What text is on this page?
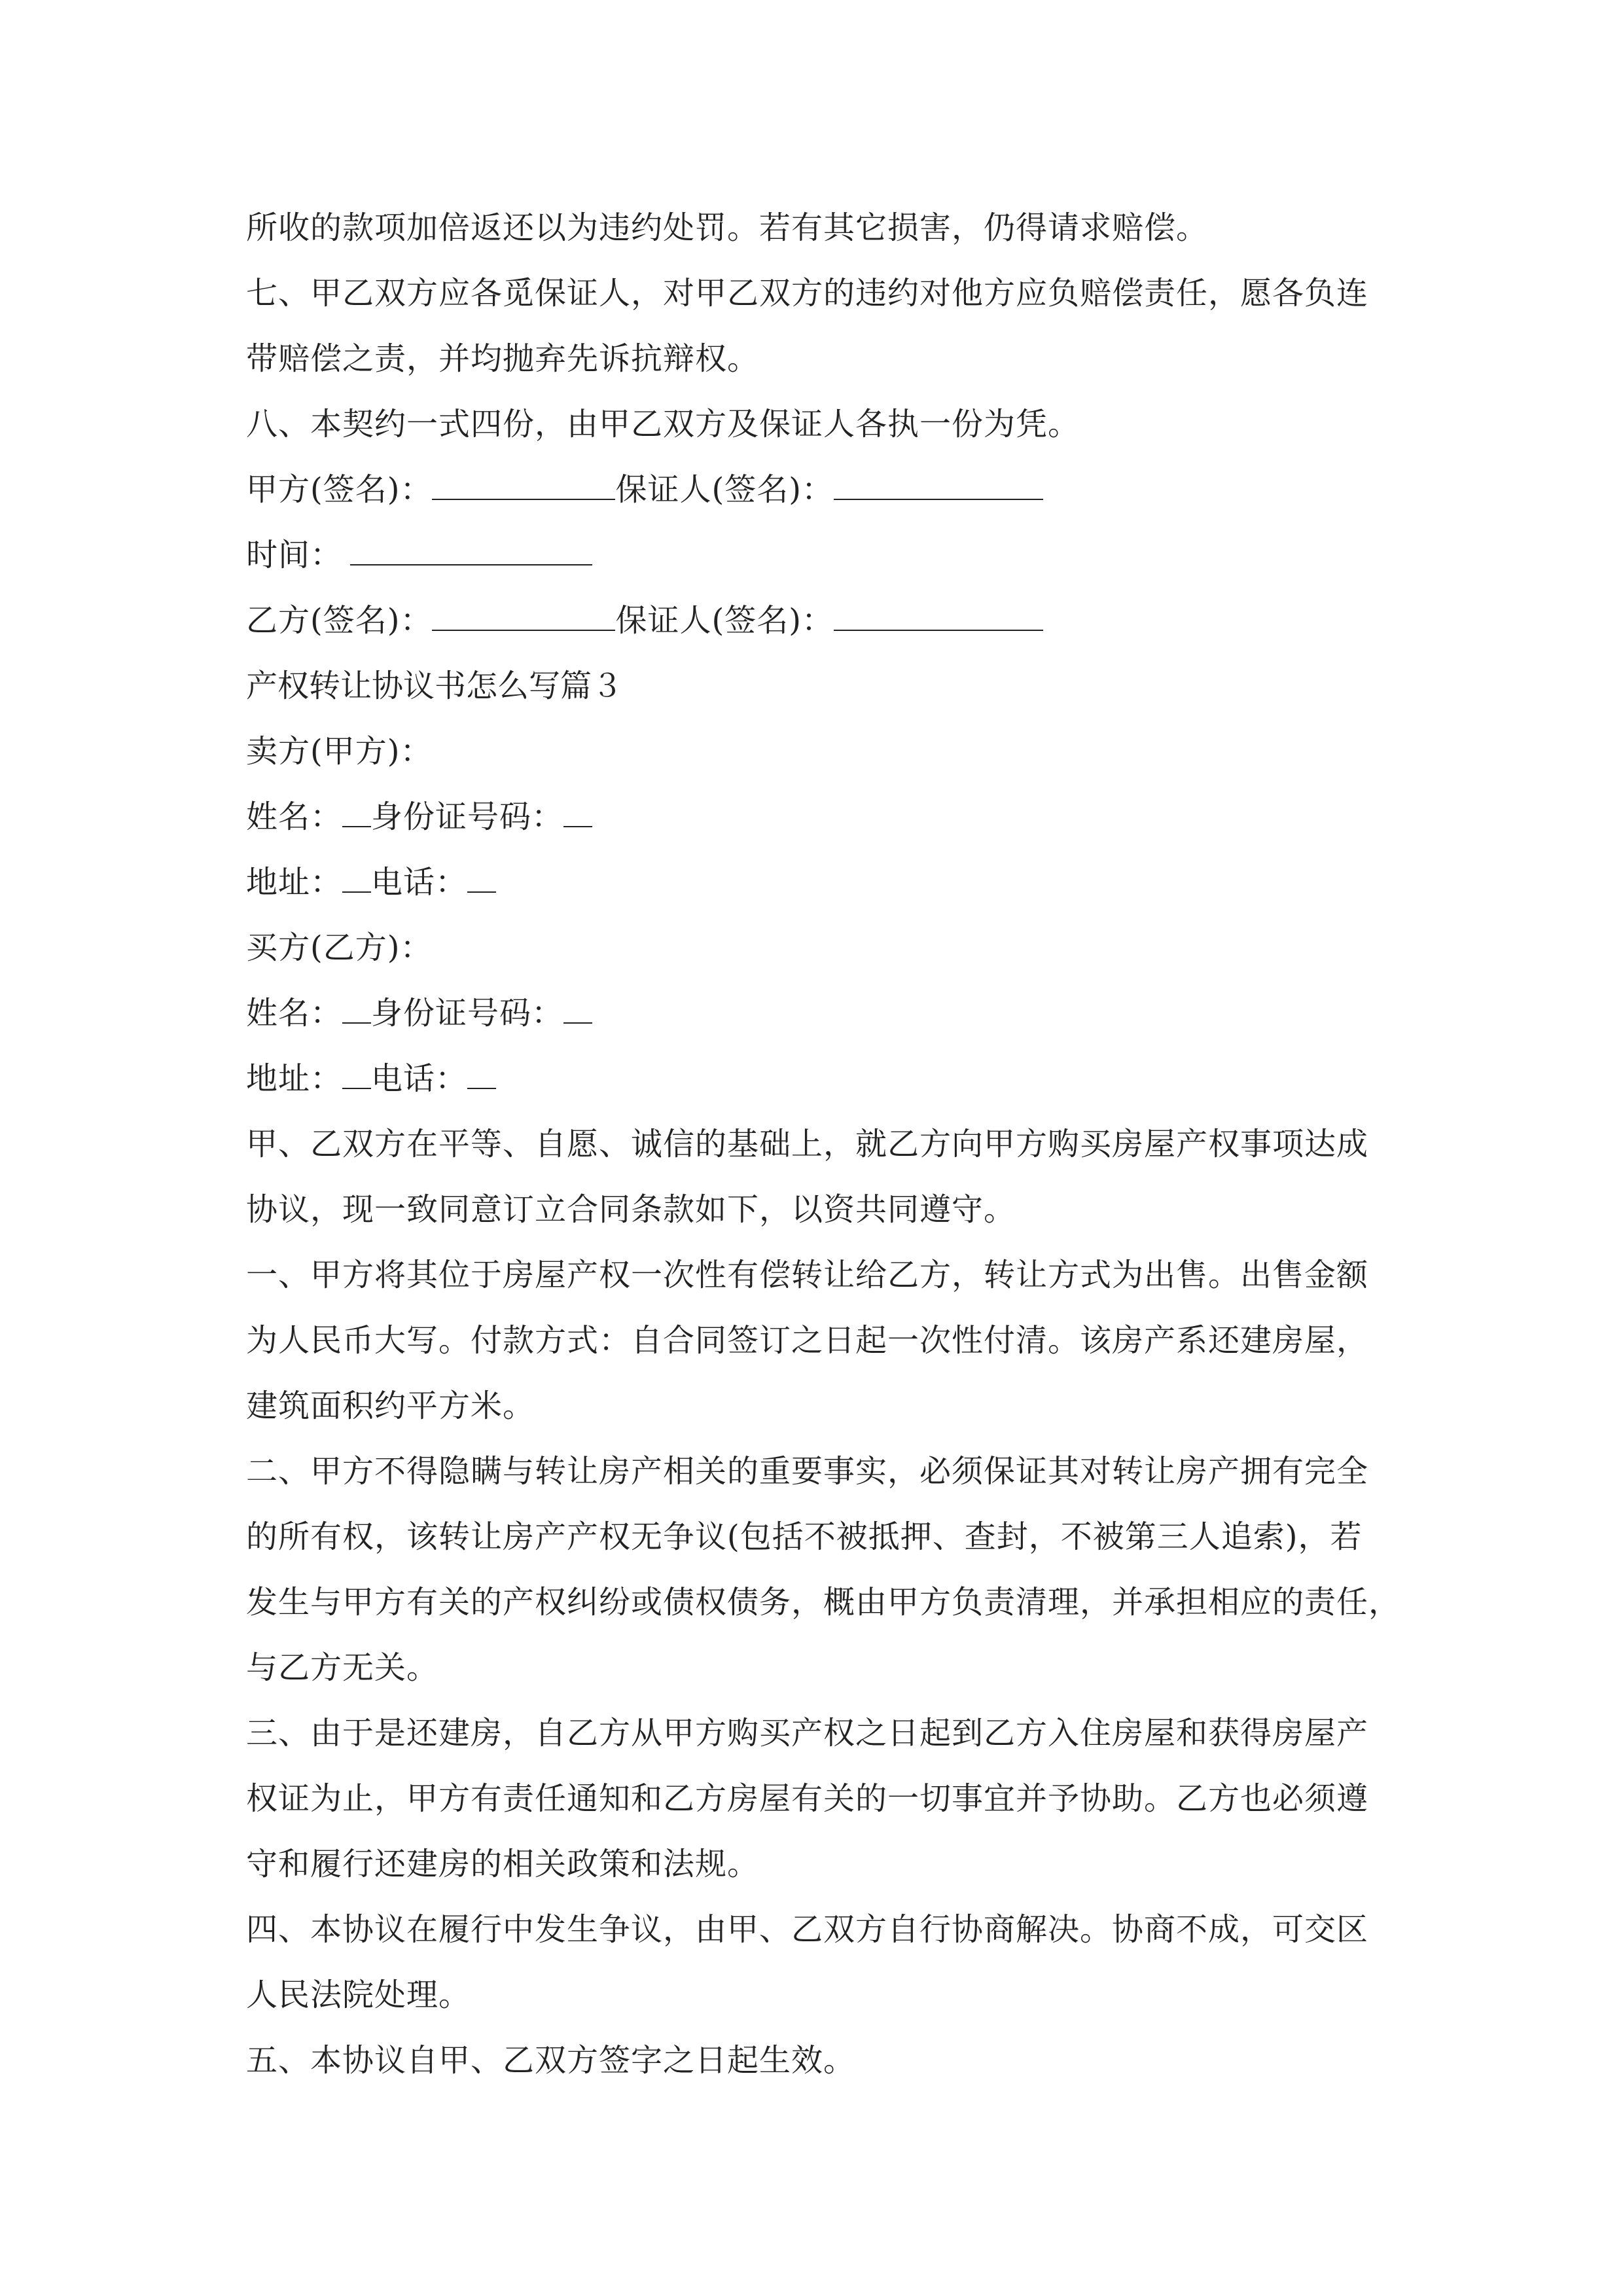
所收的款项加倍返还以为违约处罚。若有其它损害，仍得请求赔偿。
七、甲乙双方应各觅保证人，对甲乙双方的违约对他方应负赔偿责任，愿各负连
带赔偿之责，并均抛弃先诉抗辩权。
八、本契约一式四份，由甲乙双方及保证人各执一份为凭。
甲方(签名)：	保证人(签名)：
时间：
乙方(签名)：	保证人(签名)：
产权转让协议书怎么写篇３
卖方(甲方)：
姓名： 身份证号码：
地址： 电话：
买方(乙方)：
姓名： 身份证号码：
地址： 电话：
甲、乙双方在平等、自愿、诚信的基础上，就乙方向甲方购买房屋产权事项达成
协议，现一致同意订立合同条款如下，以资共同遵守。
一、甲方将其位于房屋产权一次性有偿转让给乙方，转让方式为出售。出售金额
为人民币大写。付款方式：自合同签订之日起一次性付清。该房产系还建房屋，
建筑面积约平方米。
二、甲方不得隐瞒与转让房产相关的重要事实，必须保证其对转让房产拥有完全
的所有权，该转让房产产权无争议(包括不被抵押、查封，不被第三人追索)，若
发生与甲方有关的产权纠纷或债权债务，概由甲方负责清理，并承担相应的责任，
与乙方无关。
三、由于是还建房，自乙方从甲方购买产权之日起到乙方入住房屋和获得房屋产
权证为止，甲方有责任通知和乙方房屋有关的一切事宜并予协助。乙方也必须遵
守和履行还建房的相关政策和法规。
四、本协议在履行中发生争议，由甲、乙双方自行协商解决。协商不成，可交区
人民法院处理。
五、本协议自甲、乙双方签字之日起生效。
